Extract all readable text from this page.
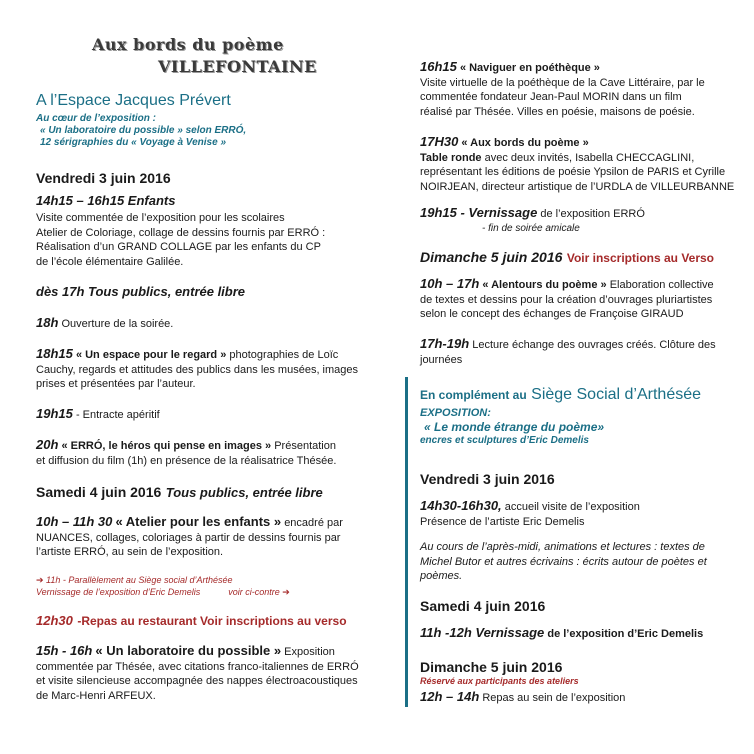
Aux bords du poème
VILLEFONTAINE
A l’Espace Jacques Prévert
Au cœur de l’exposition :
« Un laboratoire du possible » selon ERRÓ,
12 sérigraphies du « Voyage à Venise »
Vendredi 3 juin 2016
14h15 – 16h15 Enfants
Visite commentée de l’exposition pour les scolaires
Atelier de Coloriage, collage de dessins fournis par ERRÓ :
Réalisation d’un GRAND COLLAGE par les enfants du CP
de l’école élémentaire Galilée.
dès 17h Tous publics, entrée libre
18h Ouverture de la soirée.
18h15 « Un espace pour le regard » photographies de Loïc
Cauchy, regards et attitudes des publics dans les musées, images
prises et présentées par l’auteur.
19h15 - Entracte apéritif
20h « ERRÓ, le héros qui pense en images » Présentation
et diffusion du film (1h) en présence de la réalisatrice Thésée.
Samedi 4 juin 2016 Tous publics, entrée libre
10h – 11h 30 « Atelier pour les enfants » encadré par
NUANCES, collages, coloriages à partir de dessins fournis par
l’artiste ERRÓ, au sein de l’exposition.
➔ 11h - Parallèlement au Siège social d’Arthésée
Vernissage de l’exposition d’Eric Demelis	voir ci-contre ➔
12h30 -Repas au restaurant Voir inscriptions au verso
15h - 16h « Un laboratoire du possible » Exposition
commentée par Thésée, avec citations franco-italiennes de ERRÓ
et visite silencieuse accompagnée des nappes électroacoustiques
de Marc-Henri ARFEUX.
16h15 « Naviguer en poéthèque »
Visite virtuelle de la poéthèque de la Cave Littéraire, par le
commentée fondateur Jean-Paul MORIN dans un film
réalisé par Thésée. Villes en poésie, maisons de poésie.
17H30 « Aux bords du poème »
Table ronde avec deux invités, Isabella CHECCAGLINI,
représentant les éditions de poésie Ypsilon de PARIS et Cyrille
NOIRJEAN, directeur artistique de l’URDLA de VILLEURBANNE
19h15 - Vernissage de l’exposition ERRÓ
- fin de soirée amicale
Dimanche 5 juin 2016 Voir inscriptions au Verso
10h – 17h « Alentours du poème » Elaboration collective
de textes et dessins pour la création d’ouvrages pluriartistes
selon le concept des échanges de Françoise GIRAUD
17h-19h Lecture échange des ouvrages créés. Clôture des
journées
En complément au Siège Social d’Arthésée
EXPOSITION:
« Le monde étrange du poème»
encres et sculptures d’Eric Demelis
Vendredi 3 juin 2016
14h30-16h30, accueil visite de l’exposition
Présence de l’artiste Eric Demelis
Au cours de l’après-midi, animations et lectures : textes de
Michel Butor et autres écrivains : écrits autour de poètes et
poèmes.
Samedi 4 juin 2016
11h -12h Vernissage de l’exposition d’Eric Demelis
Dimanche 5 juin 2016
Réservé aux participants des ateliers
12h – 14h Repas au sein de l’exposition
